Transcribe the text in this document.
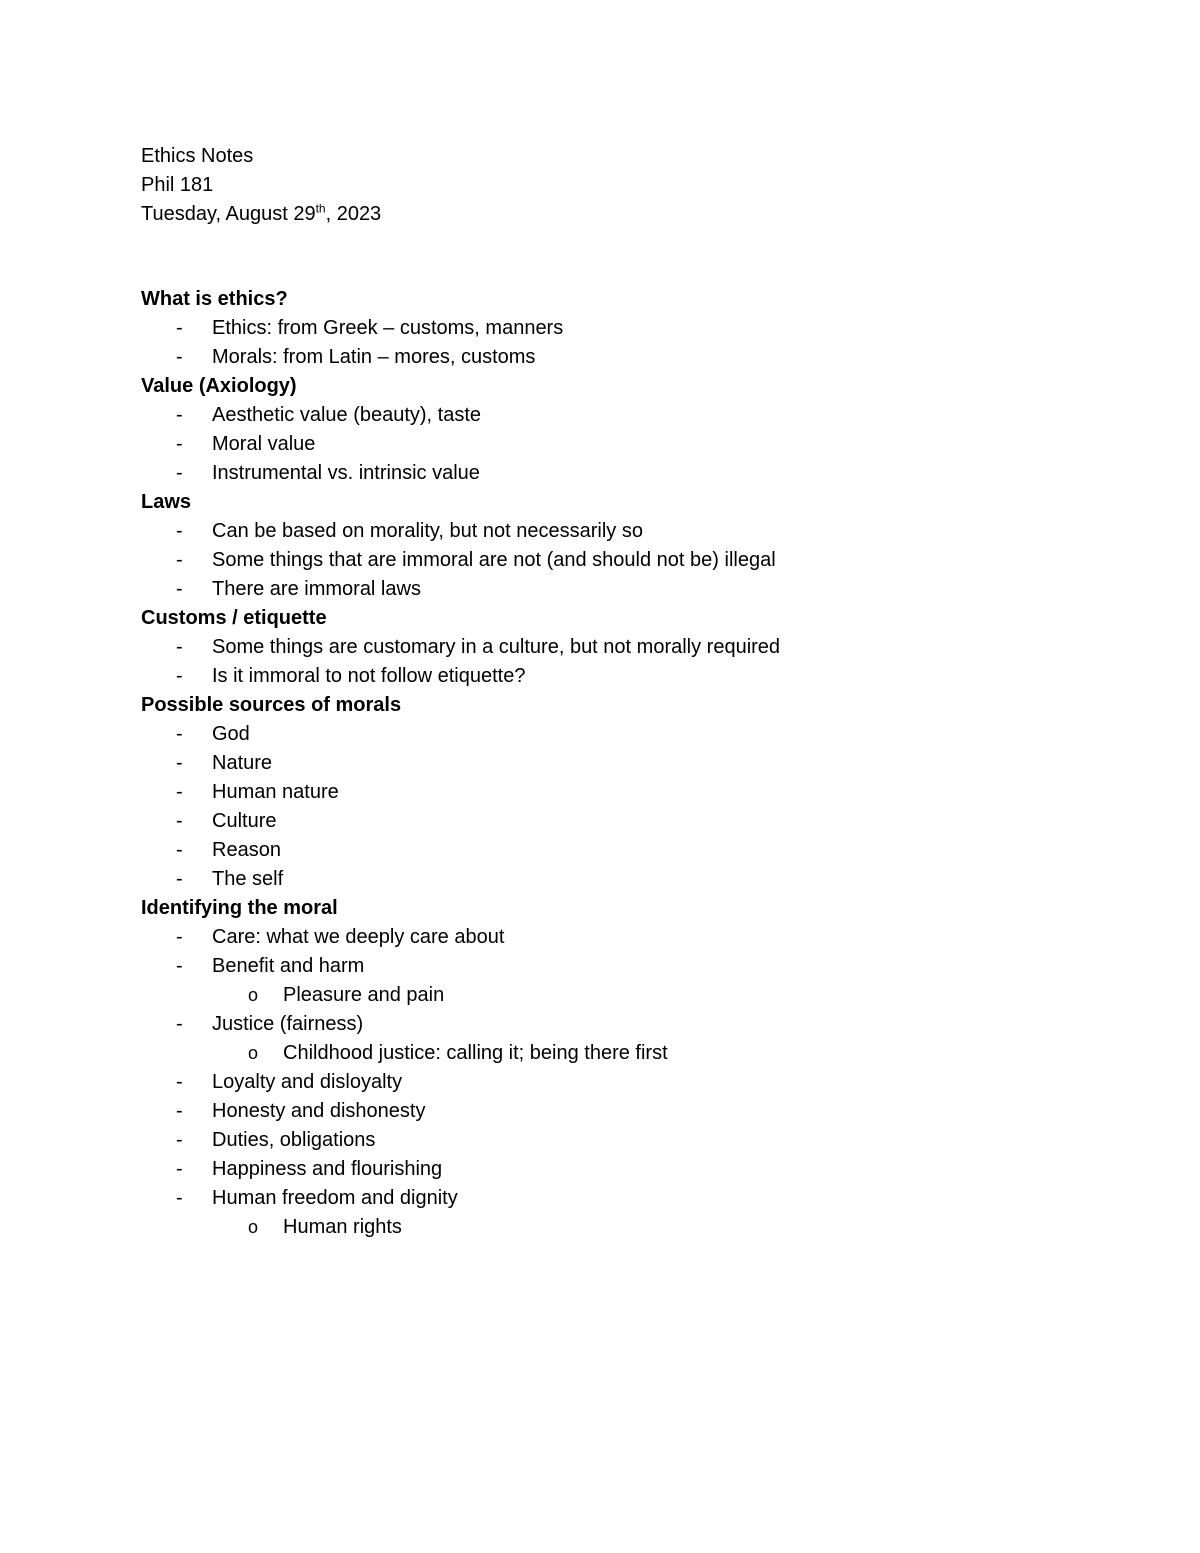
Ethics Notes
Phil 181
Tuesday, August 29th, 2023
What is ethics?
- Ethics: from Greek – customs, manners
- Morals: from Latin – mores, customs
Value (Axiology)
- Aesthetic value (beauty), taste
- Moral value
- Instrumental vs. intrinsic value
Laws
- Can be based on morality, but not necessarily so
- Some things that are immoral are not (and should not be) illegal
- There are immoral laws
Customs / etiquette
- Some things are customary in a culture, but not morally required
- Is it immoral to not follow etiquette?
Possible sources of morals
- God
- Nature
- Human nature
- Culture
- Reason
- The self
Identifying the moral
- Care: what we deeply care about
- Benefit and harm
o Pleasure and pain
- Justice (fairness)
o Childhood justice: calling it; being there first
- Loyalty and disloyalty
- Honesty and dishonesty
- Duties, obligations
- Happiness and flourishing
- Human freedom and dignity
o Human rights
